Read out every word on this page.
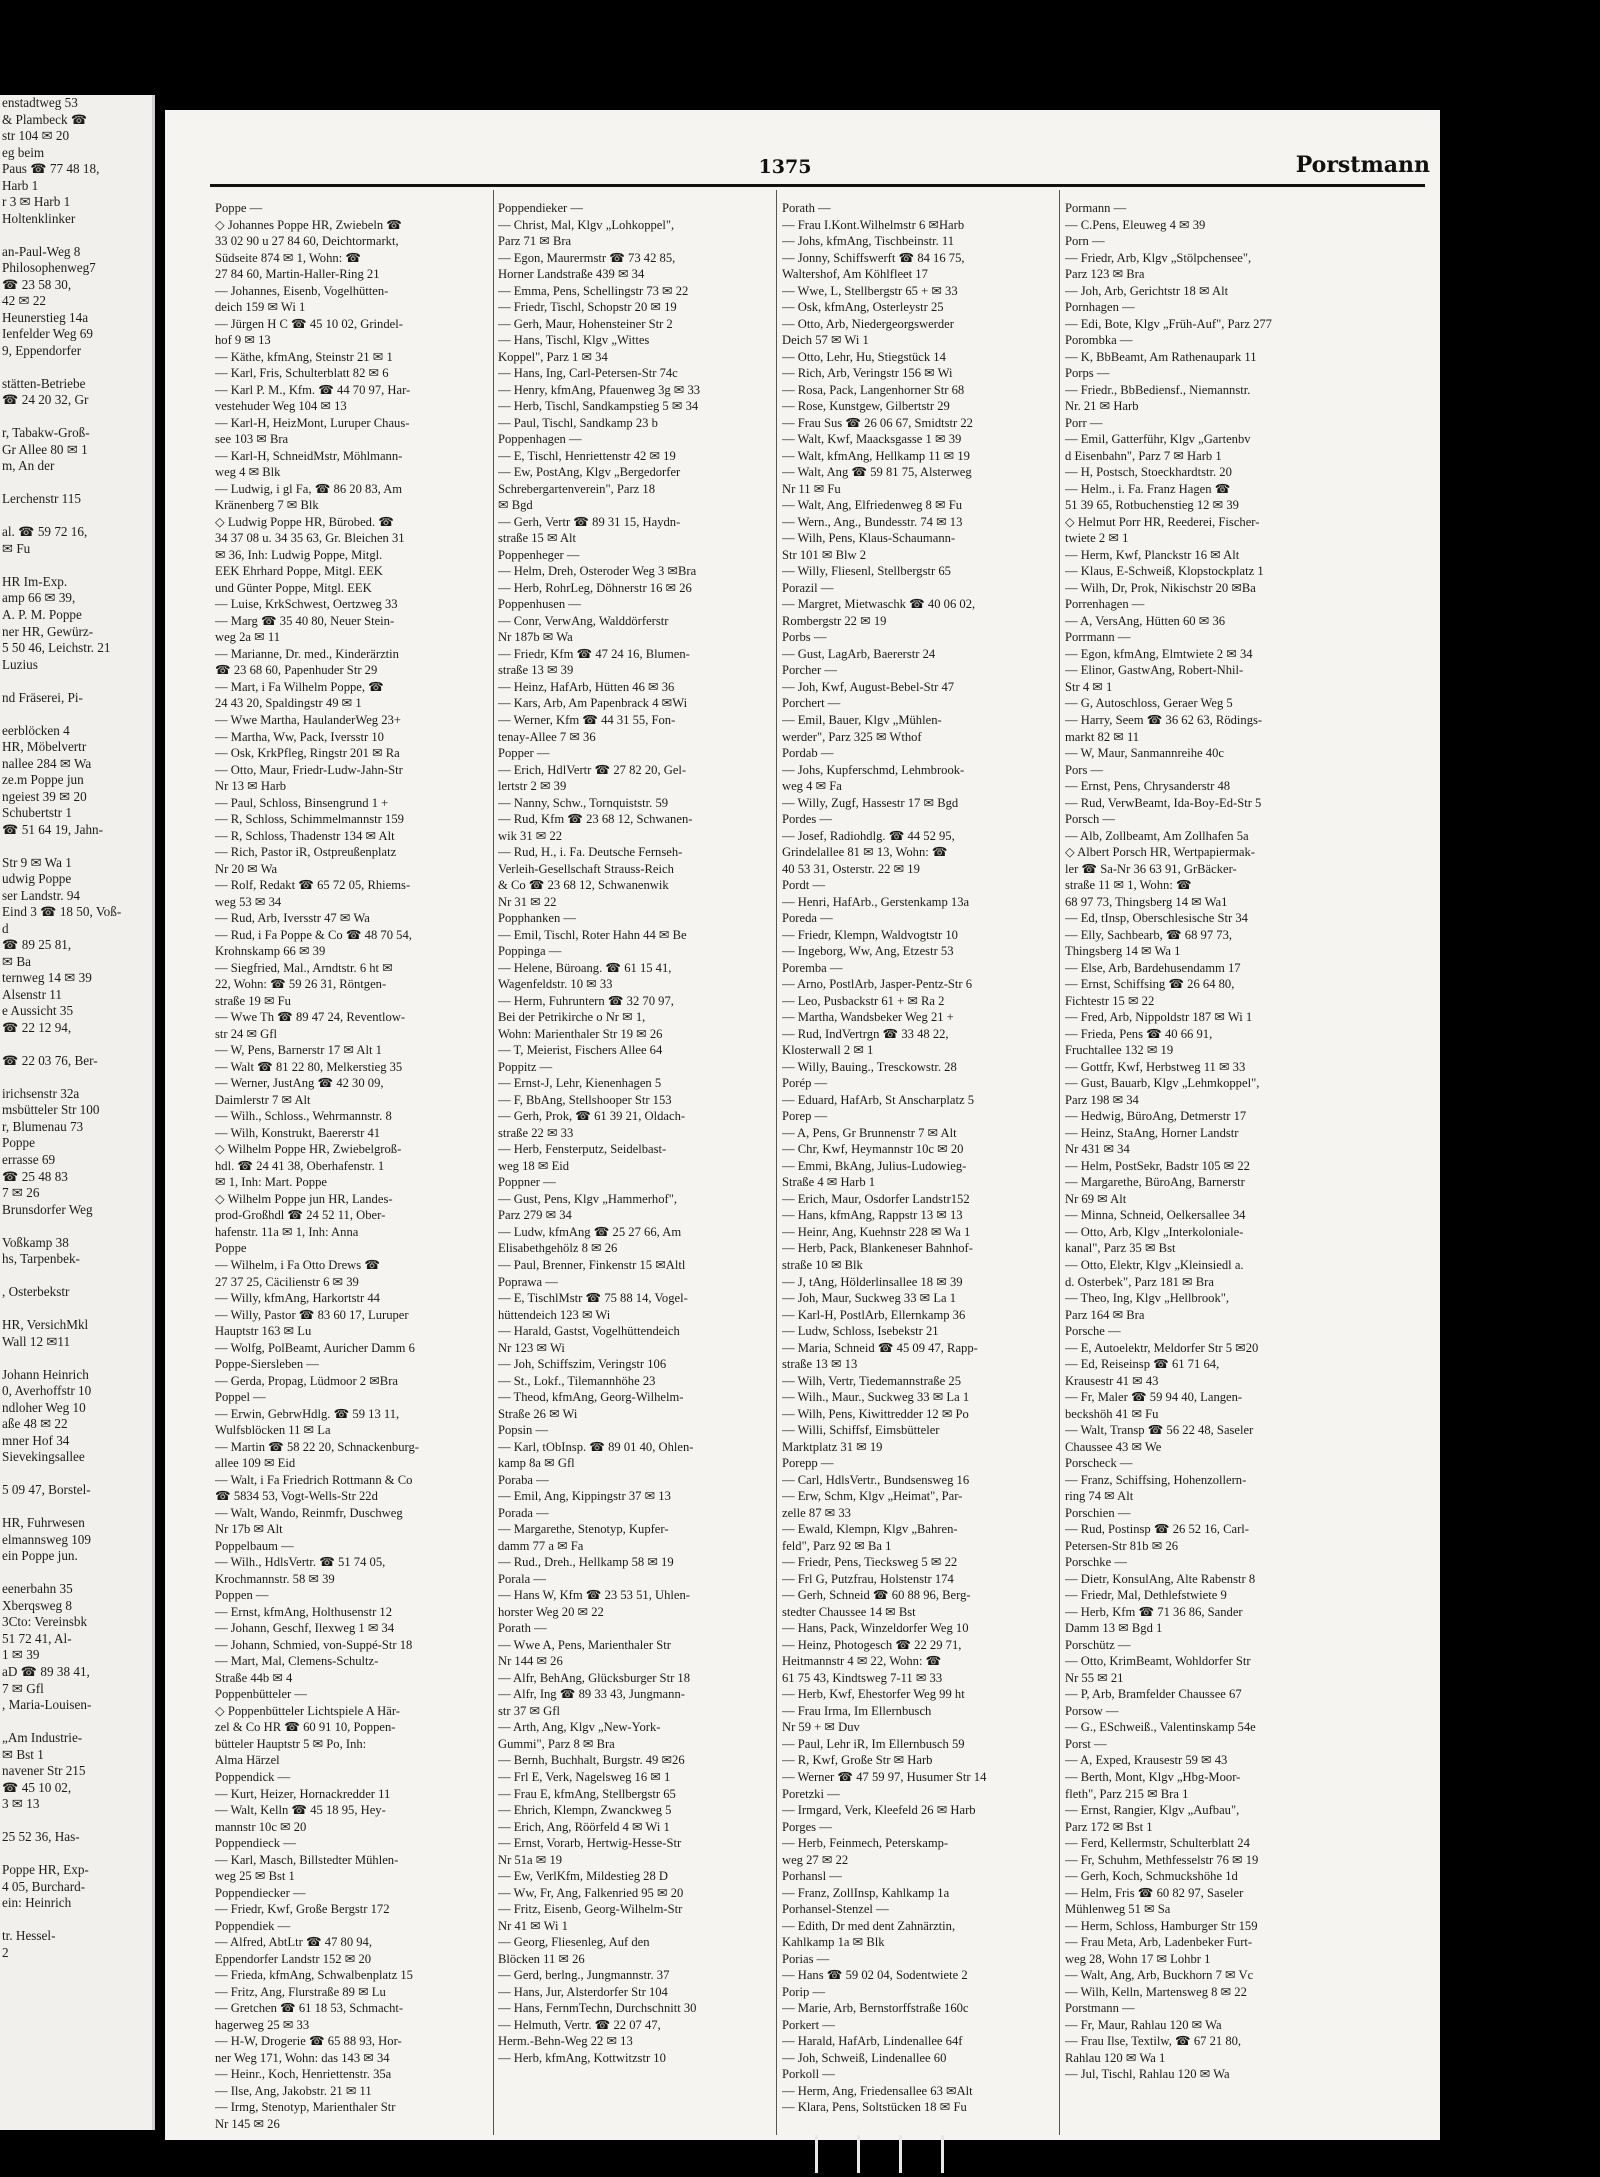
enstadtweg 53
& Plambeck ☎
str 104 ✉ 20
eg beim
Paus ☎ 77 48 18,
Harb 1
r 3 ✉ Harb 1
Holtenklinker

an-Paul-Weg 8
Philosophenweg7
☎ 23 58 30,
42 ✉ 22
Heunerstieg 14a
Ienfelder Weg 69
9, Eppendorfer

stätten-Betriebe
☎ 24 20 32, Gr

r, Tabakw-Groß-
Gr Allee 80 ✉ 1
m, An der

Lerchenstr 115

al. ☎ 59 72 16,
✉ Fu

HR Im-Exp.
amp 66 ✉ 39,
A. P. M. Poppe
ner HR, Gewürz-
5 50 46, Leichstr. 21
Luzius

nd Fräserei, Pi-

eerblöcken 4
HR, Möbelvertr
nallee 284 ✉ Wa
ze.m Poppe jun
ngeiest 39 ✉ 20
Schubertstr 1
☎ 51 64 19, Jahn-

Str 9 ✉ Wa 1
udwig Poppe
ser Landstr. 94
Eind 3 ☎ 18 50, Voß-
d
☎ 89 25 81,
✉ Ba
ternweg 14 ✉ 39
Alsenstr 11
e Aussicht 35
☎ 22 12 94,

☎ 22 03 76, Ber-

irichsenstr 32a
msbütteler Str 100
r, Blumenau 73
Poppe
errasse 69
☎ 25 48 83
7 ✉ 26
Brunsdorfer Weg

Voßkamp 38
hs, Tarpenbek-

, Osterbekstr

HR, VersichMkl
Wall 12 ✉11

Johann Heinrich
0, Averhoffstr 10
ndloher Weg 10
aße 48 ✉ 22
mner Hof 34
Sievekingsallee

5 09 47, Borstel-

HR, Fuhrwesen
elmannsweg 109
ein Poppe jun.

eenerbahn 35
Xberqsweg 8
3Cto: Vereinsbk
51 72 41, Al-
1 ✉ 39
aD ☎ 89 38 41,
7 ✉ Gfl
, Maria-Louisen-

„Am Industrie-
✉ Bst 1
navener Str 215
☎ 45 10 02,
3 ✉ 13

25 52 36, Has-

Poppe HR, Exp-
4 05, Burchard-
ein: Heinrich

tr. Hessel-
2
1375	Porstmann
Poppe —
◇ Johannes Poppe HR, Zwiebeln ☎
33 02 90 u 27 84 60, Deichtormarkt,
Südseite 874 ✉ 1, Wohn: ☎
27 84 60, Martin-Haller-Ring 21
— Johannes, Eisenb, Vogelhütten-
deich 159 ✉ Wi 1
— Jürgen H C ☎ 45 10 02, Grindel-
hof 9 ✉ 13
— Käthe, kfmAng, Steinstr 21 ✉ 1
— Karl, Fris, Schulterblatt 82 ✉ 6
— Karl P. M., Kfm. ☎ 44 70 97, Har-
vestehuder Weg 104 ✉ 13
— Karl-H, HeizMont, Luruper Chaus-
see 103 ✉ Bra
— Karl-H, SchneidMstr, Möhlmann-
weg 4 ✉ Blk
— Ludwig, i gl Fa, ☎ 86 20 83, Am
Kränenberg 7 ✉ Blk
◇ Ludwig Poppe HR, Bürobed. ☎
34 37 08 u. 34 35 63, Gr. Bleichen 31
✉ 36, Inh: Ludwig Poppe, Mitgl.
EEK Ehrhard Poppe, Mitgl. EEK
und Günter Poppe, Mitgl. EEK
— Luise, KrkSchwest, Oertzweg 33
— Marg ☎ 35 40 80, Neuer Stein-
weg 2a ✉ 11
— Marianne, Dr. med., Kinderärztin
☎ 23 68 60, Papenhuder Str 29
— Mart, i Fa Wilhelm Poppe, ☎
24 43 20, Spaldingstr 49 ✉ 1
— Wwe Martha, HaulanderWeg 23+
— Martha, Ww, Pack, Iversstr 10
— Osk, KrkPfleg, Ringstr 201 ✉ Ra
— Otto, Maur, Friedr-Ludw-Jahn-Str
Nr 13 ✉ Harb
— Paul, Schloss, Binsengrund 1 +
— R, Schloss, Schimmelmannstr 159
— R, Schloss, Thadenstr 134 ✉ Alt
— Rich, Pastor iR, Ostpreußenplatz
Nr 20 ✉ Wa
— Rolf, Redakt ☎ 65 72 05, Rhiems-
weg 53 ✉ 34
— Rud, Arb, Iversstr 47 ✉ Wa
— Rud, i Fa Poppe & Co ☎ 48 70 54,
Krohnskamp 66 ✉ 39
— Siegfried, Mal., Arndtstr. 6 ht ✉
22, Wohn: ☎ 59 26 31, Röntgen-
straße 19 ✉ Fu
— Wwe Th ☎ 89 47 24, Reventlow-
str 24 ✉ Gfl
— W, Pens, Barnerstr 17 ✉ Alt 1
— Walt ☎ 81 22 80, Melkerstieg 35
— Werner, JustAng ☎ 42 30 09,
Daimlerstr 7 ✉ Alt
— Wilh., Schloss., Wehrmannstr. 8
— Wilh, Konstrukt, Baererstr 41
◇ Wilhelm Poppe HR, Zwiebelgroß-
hdl. ☎ 24 41 38, Oberhafenstr. 1
✉ 1, Inh: Mart. Poppe
◇ Wilhelm Poppe jun HR, Landes-
prod-Großhdl ☎ 24 52 11, Ober-
hafenstr. 11a ✉ 1, Inh: Anna
Poppe
— Wilhelm, i Fa Otto Drews ☎
27 37 25, Cäcilienstr 6 ✉ 39
— Willy, kfmAng, Harkortstr 44
— Willy, Pastor ☎ 83 60 17, Luruper
Hauptstr 163 ✉ Lu
— Wolfg, PolBeamt, Auricher Damm 6
Poppe-Siersleben —
— Gerda, Propag, Lüdmoor 2 ✉Bra
Poppel —
— Erwin, GebrwHdlg. ☎ 59 13 11,
Wulfsblöcken 11 ✉ La
— Martin ☎ 58 22 20, Schnackenburg-
allee 109 ✉ Eid
— Walt, i Fa Friedrich Rottmann & Co
☎ 5834 53, Vogt-Wells-Str 22d
— Walt, Wando, Reinmfr, Duschweg
Nr 17b ✉ Alt
Poppelbaum —
— Wilh., HdlsVertr. ☎ 51 74 05,
Krochmannstr. 58 ✉ 39
Poppen —
— Ernst, kfmAng, Holthusenstr 12
— Johann, Geschf, Ilexweg 1 ✉ 34
— Johann, Schmied, von-Suppé-Str 18
— Mart, Mal, Clemens-Schultz-
Straße 44b ✉ 4
Poppenbütteler —
◇ Poppenbütteler Lichtspiele A Här-
zel & Co HR ☎ 60 91 10, Poppen-
bütteler Hauptstr 5 ✉ Po, Inh:
Alma Härzel
Poppendick —
— Kurt, Heizer, Hornackredder 11
— Walt, Kelln ☎ 45 18 95, Hey-
mannstr 10c ✉ 20
Poppendieck —
— Karl, Masch, Billstedter Mühlen-
weg 25 ✉ Bst 1
Poppendiecker —
— Friedr, Kwf, Große Bergstr 172
Poppendiek —
— Alfred, AbtLtr ☎ 47 80 94,
Eppendorfer Landstr 152 ✉ 20
— Frieda, kfmAng, Schwalbenplatz 15
— Fritz, Ang, Flurstraße 89 ✉ Lu
— Gretchen ☎ 61 18 53, Schmacht-
hagerweg 25 ✉ 33
— H-W, Drogerie ☎ 65 88 93, Hor-
ner Weg 171, Wohn: das 143 ✉ 34
— Heinr., Koch, Henriettenstr. 35a
— Ilse, Ang, Jakobstr. 21 ✉ 11
— Irmg, Stenotyp, Marienthaler Str
Nr 145 ✉ 26
Poppendieker —
— Christ, Mal, Klgv „Lohkoppel",
Parz 71 ✉ Bra
— Egon, Maurermstr ☎ 73 42 85,
Horner Landstraße 439 ✉ 34
— Emma, Pens, Schellingstr 73 ✉ 22
— Friedr, Tischl, Schopstr 20 ✉ 19
— Gerh, Maur, Hohensteiner Str 2
— Hans, Tischl, Klgv „Wittes
Koppel", Parz 1 ✉ 34
— Hans, Ing, Carl-Petersen-Str 74c
— Henry, kfmAng, Pfauenweg 3g ✉ 33
— Herb, Tischl, Sandkampstieg 5 ✉ 34
— Paul, Tischl, Sandkamp 23 b
Poppenhagen —
— E, Tischl, Henriettenstr 42 ✉ 19
— Ew, PostAng, Klgv „Bergedorfer
Schrebergartenverein", Parz 18
✉ Bgd
— Gerh, Vertr ☎ 89 31 15, Haydn-
straße 15 ✉ Alt
Poppenheger —
— Helm, Dreh, Osteroder Weg 3 ✉Bra
— Herb, RohrLeg, Döhnerstr 16 ✉ 26
Poppenhusen —
— Conr, VerwAng, Walddörferstr
Nr 187b ✉ Wa
— Friedr, Kfm ☎ 47 24 16, Blumen-
straße 13 ✉ 39
— Heinz, HafArb, Hütten 46 ✉ 36
— Kars, Arb, Am Papenbrack 4 ✉Wi
— Werner, Kfm ☎ 44 31 55, Fon-
tenay-Allee 7 ✉ 36
Popper —
— Erich, HdlVertr ☎ 27 82 20, Gel-
lertstr 2 ✉ 39
— Nanny, Schw., Tornquiststr. 59
— Rud, Kfm ☎ 23 68 12, Schwanen-
wik 31 ✉ 22
— Rud, H., i. Fa. Deutsche Fernseh-
Verleih-Gesellschaft Strauss-Reich
& Co ☎ 23 68 12, Schwanenwik
Nr 31 ✉ 22
Popphanken —
— Emil, Tischl, Roter Hahn 44 ✉ Be
Poppinga —
— Helene, Büroang. ☎ 61 15 41,
Wagenfeldstr. 10 ✉ 33
— Herm, Fuhruntern ☎ 32 70 97,
Bei der Petrikirche o Nr ✉ 1,
Wohn: Marienthaler Str 19 ✉ 26
— T, Meierist, Fischers Allee 64
Poppitz —
— Ernst-J, Lehr, Kienenhagen 5
— F, BbAng, Stellshooper Str 153
— Gerh, Prok, ☎ 61 39 21, Oldach-
straße 22 ✉ 33
— Herb, Fensterputz, Seidelbast-
weg 18 ✉ Eid
Poppner —
— Gust, Pens, Klgv „Hammerhof",
Parz 279 ✉ 34
— Ludw, kfmAng ☎ 25 27 66, Am
Elisabethgehölz 8 ✉ 26
— Paul, Brenner, Finkenstr 15 ✉Altl
Poprawa —
— E, TischlMstr ☎ 75 88 14, Vogel-
hüttendeich 123 ✉ Wi
— Harald, Gastst, Vogelhüttendeich
Nr 123 ✉ Wi
— Joh, Schiffszim, Veringstr 106
— St., Lokf., Tilemannhöhe 23
— Theod, kfmAng, Georg-Wilhelm-
Straße 26 ✉ Wi
Popsin —
— Karl, tObInsp. ☎ 89 01 40, Ohlen-
kamp 8a ✉ Gfl
Poraba —
— Emil, Ang, Kippingstr 37 ✉ 13
Porada —
— Margarethe, Stenotyp, Kupfer-
damm 77 a ✉ Fa
— Rud., Dreh., Hellkamp 58 ✉ 19
Porala —
— Hans W, Kfm ☎ 23 53 51, Uhlen-
horster Weg 20 ✉ 22
Porath —
— Wwe A, Pens, Marienthaler Str
Nr 144 ✉ 26
— Alfr, BehAng, Glücksburger Str 18
— Alfr, Ing ☎ 89 33 43, Jungmann-
str 37 ✉ Gfl
— Arth, Ang, Klgv „New-York-
Gummi", Parz 8 ✉ Bra
— Bernh, Buchhalt, Burgstr. 49 ✉26
— Frl E, Verk, Nagelsweg 16 ✉ 1
— Frau E, kfmAng, Stellbergstr 65
— Ehrich, Klempn, Zwanckweg 5
— Erich, Ang, Röörfeld 4 ✉ Wi 1
— Ernst, Vorarb, Hertwig-Hesse-Str
Nr 51a ✉ 19
— Ew, VerlKfm, Mildestieg 28 D
— Ww, Fr, Ang, Falkenried 95 ✉ 20
— Fritz, Eisenb, Georg-Wilhelm-Str
Nr 41 ✉ Wi 1
— Georg, Fliesenleg, Auf den
Blöcken 11 ✉ 26
— Gerd, berlng., Jungmannstr. 37
— Hans, Jur, Alsterdorfer Str 104
— Hans, FernmTechn, Durchschnitt 30
— Helmuth, Vertr. ☎ 22 07 47,
Herm.-Behn-Weg 22 ✉ 13
— Herb, kfmAng, Kottwitzstr 10
Porath —
— Frau I.Kont.Wilhelmstr 6 ✉Harb
— Johs, kfmAng, Tischbeinstr. 11
— Jonny, Schiffswerft ☎ 84 16 75,
Waltershof, Am Köhlfleet 17
— Wwe, L, Stellbergstr 65 + ✉ 33
— Osk, kfmAng, Osterleystr 25
— Otto, Arb, Niedergeorgswerder
Deich 57 ✉ Wi 1
— Otto, Lehr, Hu, Stiegstück 14
— Rich, Arb, Veringstr 156 ✉ Wi
— Rosa, Pack, Langenhorner Str 68
— Rose, Kunstgew, Gilbertstr 29
— Frau Sus ☎ 26 06 67, Smidtstr 22
— Walt, Kwf, Maacksgasse 1 ✉ 39
— Walt, kfmAng, Hellkamp 11 ✉ 19
— Walt, Ang ☎ 59 81 75, Alsterweg
Nr 11 ✉ Fu
— Walt, Ang, Elfriedenweg 8 ✉ Fu
— Wern., Ang., Bundesstr. 74 ✉ 13
— Wilh, Pens, Klaus-Schaumann-
Str 101 ✉ Blw 2
— Willy, Fliesenl, Stellbergstr 65
Porazil —
— Margret, Mietwaschk ☎ 40 06 02,
Rombergstr 22 ✉ 19
Porbs —
— Gust, LagArb, Baererstr 24
Porcher —
— Joh, Kwf, August-Bebel-Str 47
Porchert —
— Emil, Bauer, Klgv „Mühlen-
werder", Parz 325 ✉ Wthof
Pordab —
— Johs, Kupferschmd, Lehmbrook-
weg 4 ✉ Fa
— Willy, Zugf, Hassestr 17 ✉ Bgd
Pordes —
— Josef, Radiohdlg. ☎ 44 52 95,
Grindelallee 81 ✉ 13, Wohn: ☎
40 53 31, Osterstr. 22 ✉ 19
Pordt —
— Henri, HafArb., Gerstenkamp 13a
Poreda —
— Friedr, Klempn, Waldvogtstr 10
— Ingeborg, Ww, Ang, Etzestr 53
Poremba —
— Arno, PostlArb, Jasper-Pentz-Str 6
— Leo, Pusbackstr 61 + ✉ Ra 2
— Martha, Wandsbeker Weg 21 +
— Rud, IndVertrgn ☎ 33 48 22,
Klosterwall 2 ✉ 1
— Willy, Bauing., Tresckowstr. 28
Porép —
— Eduard, HafArb, St Anscharplatz 5
Porep —
— A, Pens, Gr Brunnenstr 7 ✉ Alt
— Chr, Kwf, Heymannstr 10c ✉ 20
— Emmi, BkAng, Julius-Ludowieg-
Straße 4 ✉ Harb 1
— Erich, Maur, Osdorfer Landstr152
— Hans, kfmAng, Rappstr 13 ✉ 13
— Heinr, Ang, Kuehnstr 228 ✉ Wa 1
— Herb, Pack, Blankeneser Bahnhof-
straße 10 ✉ Blk
— J, tAng, Hölderlinsallee 18 ✉ 39
— Joh, Maur, Suckweg 33 ✉ La 1
— Karl-H, PostlArb, Ellernkamp 36
— Ludw, Schloss, Isebekstr 21
— Maria, Schneid ☎ 45 09 47, Rapp-
straße 13 ✉ 13
— Wilh, Vertr, Tiedemannstraße 25
— Wilh., Maur., Suckweg 33 ✉ La 1
— Wilh, Pens, Kiwittredder 12 ✉ Po
— Willi, Schiffsf, Eimsbütteler
Marktplatz 31 ✉ 19
Porepp —
— Carl, HdlsVertr., Bundsensweg 16
— Erw, Schm, Klgv „Heimat", Par-
zelle 87 ✉ 33
— Ewald, Klempn, Klgv „Bahren-
feld", Parz 92 ✉ Ba 1
— Friedr, Pens, Tiecksweg 5 ✉ 22
— Frl G, Putzfrau, Holstenstr 174
— Gerh, Schneid ☎ 60 88 96, Berg-
stedter Chaussee 14 ✉ Bst
— Hans, Pack, Winzeldorfer Weg 10
— Heinz, Photogesch ☎ 22 29 71,
Heitmannstr 4 ✉ 22, Wohn: ☎
61 75 43, Kindtsweg 7-11 ✉ 33
— Herb, Kwf, Ehestorfer Weg 99 ht
— Frau Irma, Im Ellernbusch
Nr 59 + ✉ Duv
— Paul, Lehr iR, Im Ellernbusch 59
— R, Kwf, Große Str ✉ Harb
— Werner ☎ 47 59 97, Husumer Str 14
Poretzki —
— Irmgard, Verk, Kleefeld 26 ✉ Harb
Porges —
— Herb, Feinmech, Peterskamp-
weg 27 ✉ 22
Porhansl —
— Franz, ZollInsp, Kahlkamp 1a
Porhansel-Stenzel —
— Edith, Dr med dent Zahnärztin,
Kahlkamp 1a ✉ Blk
Porias —
— Hans ☎ 59 02 04, Sodentwiete 2
Porip —
— Marie, Arb, Bernstorffstraße 160c
Porkert —
— Harald, HafArb, Lindenallee 64f
— Joh, Schweiß, Lindenallee 60
Porkoll —
— Herm, Ang, Friedensallee 63 ✉Alt
— Klara, Pens, Soltstücken 18 ✉ Fu
Pormann —
— C.Pens, Eleuweg 4 ✉ 39
Porn —
— Friedr, Arb, Klgv „Stölpchensee",
Parz 123 ✉ Bra
— Joh, Arb, Gerichtstr 18 ✉ Alt
Pornhagen —
— Edi, Bote, Klgv „Früh-Auf", Parz 277
Porombka —
— K, BbBeamt, Am Rathenaupark 11
Porps —
— Friedr., BbBediensf., Niemannstr.
Nr. 21 ✉ Harb
Porr —
— Emil, Gatterführ, Klgv „Gartenbv
d Eisenbahn", Parz 7 ✉ Harb 1
— H, Postsch, Stoeckhardtstr. 20
— Helm., i. Fa. Franz Hagen ☎
51 39 65, Rotbuchenstieg 12 ✉ 39
◇ Helmut Porr HR, Reederei, Fischer-
twiete 2 ✉ 1
— Herm, Kwf, Planckstr 16 ✉ Alt
— Klaus, E-Schweiß, Klopstockplatz 1
— Wilh, Dr, Prok, Nikischstr 20 ✉Ba
Porrenhagen —
— A, VersAng, Hütten 60 ✉ 36
Porrmann —
— Egon, kfmAng, Elmtwiete 2 ✉ 34
— Elinor, GastwAng, Robert-Nhil-
Str 4 ✉ 1
— G, Autoschloss, Geraer Weg 5
— Harry, Seem ☎ 36 62 63, Rödings-
markt 82 ✉ 11
— W, Maur, Sanmannreihe 40c
Pors —
— Ernst, Pens, Chrysanderstr 48
— Rud, VerwBeamt, Ida-Boy-Ed-Str 5
Porsch —
— Alb, Zollbeamt, Am Zollhafen 5a
◇ Albert Porsch HR, Wertpapiermak-
ler ☎ Sa-Nr 36 63 91, GrBäcker-
straße 11 ✉ 1, Wohn: ☎
68 97 73, Thingsberg 14 ✉ Wa1
— Ed, tInsp, Oberschlesische Str 34
— Elly, Sachbearb, ☎ 68 97 73,
Thingsberg 14 ✉ Wa 1
— Else, Arb, Bardehusendamm 17
— Ernst, Schiffsing ☎ 26 64 80,
Fichtestr 15 ✉ 22
— Fred, Arb, Nippoldstr 187 ✉ Wi 1
— Frieda, Pens ☎ 40 66 91,
Fruchtallee 132 ✉ 19
— Gottfr, Kwf, Herbstweg 11 ✉ 33
— Gust, Bauarb, Klgv „Lehmkoppel",
Parz 198 ✉ 34
— Hedwig, BüroAng, Detmerstr 17
— Heinz, StaAng, Horner Landstr
Nr 431 ✉ 34
— Helm, PostSekr, Badstr 105 ✉ 22
— Margarethe, BüroAng, Barnerstr
Nr 69 ✉ Alt
— Minna, Schneid, Oelkersallee 34
— Otto, Arb, Klgv „Interkoloniale-
kanal", Parz 35 ✉ Bst
— Otto, Elektr, Klgv „Kleinsiedl a.
d. Osterbek", Parz 181 ✉ Bra
— Theo, Ing, Klgv „Hellbrook",
Parz 164 ✉ Bra
Porsche —
— E, Autoelektr, Meldorfer Str 5 ✉20
— Ed, Reiseinsp ☎ 61 71 64,
Krausestr 41 ✉ 43
— Fr, Maler ☎ 59 94 40, Langen-
beckshöh 41 ✉ Fu
— Walt, Transp ☎ 56 22 48, Saseler
Chaussee 43 ✉ We
Porscheck —
— Franz, Schiffsing, Hohenzollern-
ring 74 ✉ Alt
Porschien —
— Rud, Postinsp ☎ 26 52 16, Carl-
Petersen-Str 81b ✉ 26
Porschke —
— Dietr, KonsulAng, Alte Rabenstr 8
— Friedr, Mal, Dethlefstwiete 9
— Herb, Kfm ☎ 71 36 86, Sander
Damm 13 ✉ Bgd 1
Porschütz —
— Otto, KrimBeamt, Wohldorfer Str
Nr 55 ✉ 21
— P, Arb, Bramfelder Chaussee 67
Porsow —
— G., ESchweiß., Valentinskamp 54e
Porst —
— A, Exped, Krausestr 59 ✉ 43
— Berth, Mont, Klgv „Hbg-Moor-
fleth", Parz 215 ✉ Bra 1
— Ernst, Rangier, Klgv „Aufbau",
Parz 172 ✉ Bst 1
— Ferd, Kellermstr, Schulterblatt 24
— Fr, Schuhm, Methfesselstr 76 ✉ 19
— Gerh, Koch, Schmuckshöhe 1d
— Helm, Fris ☎ 60 82 97, Saseler
Mühlenweg 51 ✉ Sa
— Herm, Schloss, Hamburger Str 159
— Frau Meta, Arb, Ladenbeker Furt-
weg 28, Wohn 17 ✉ Lohbr 1
— Walt, Ang, Arb, Buckhorn 7 ✉ Vc
— Wilh, Kelln, Martensweg 8 ✉ 22
Porstmann —
— Fr, Maur, Rahlau 120 ✉ Wa
— Frau Ilse, Textilw, ☎ 67 21 80,
Rahlau 120 ✉ Wa 1
— Jul, Tischl, Rahlau 120 ✉ Wa
